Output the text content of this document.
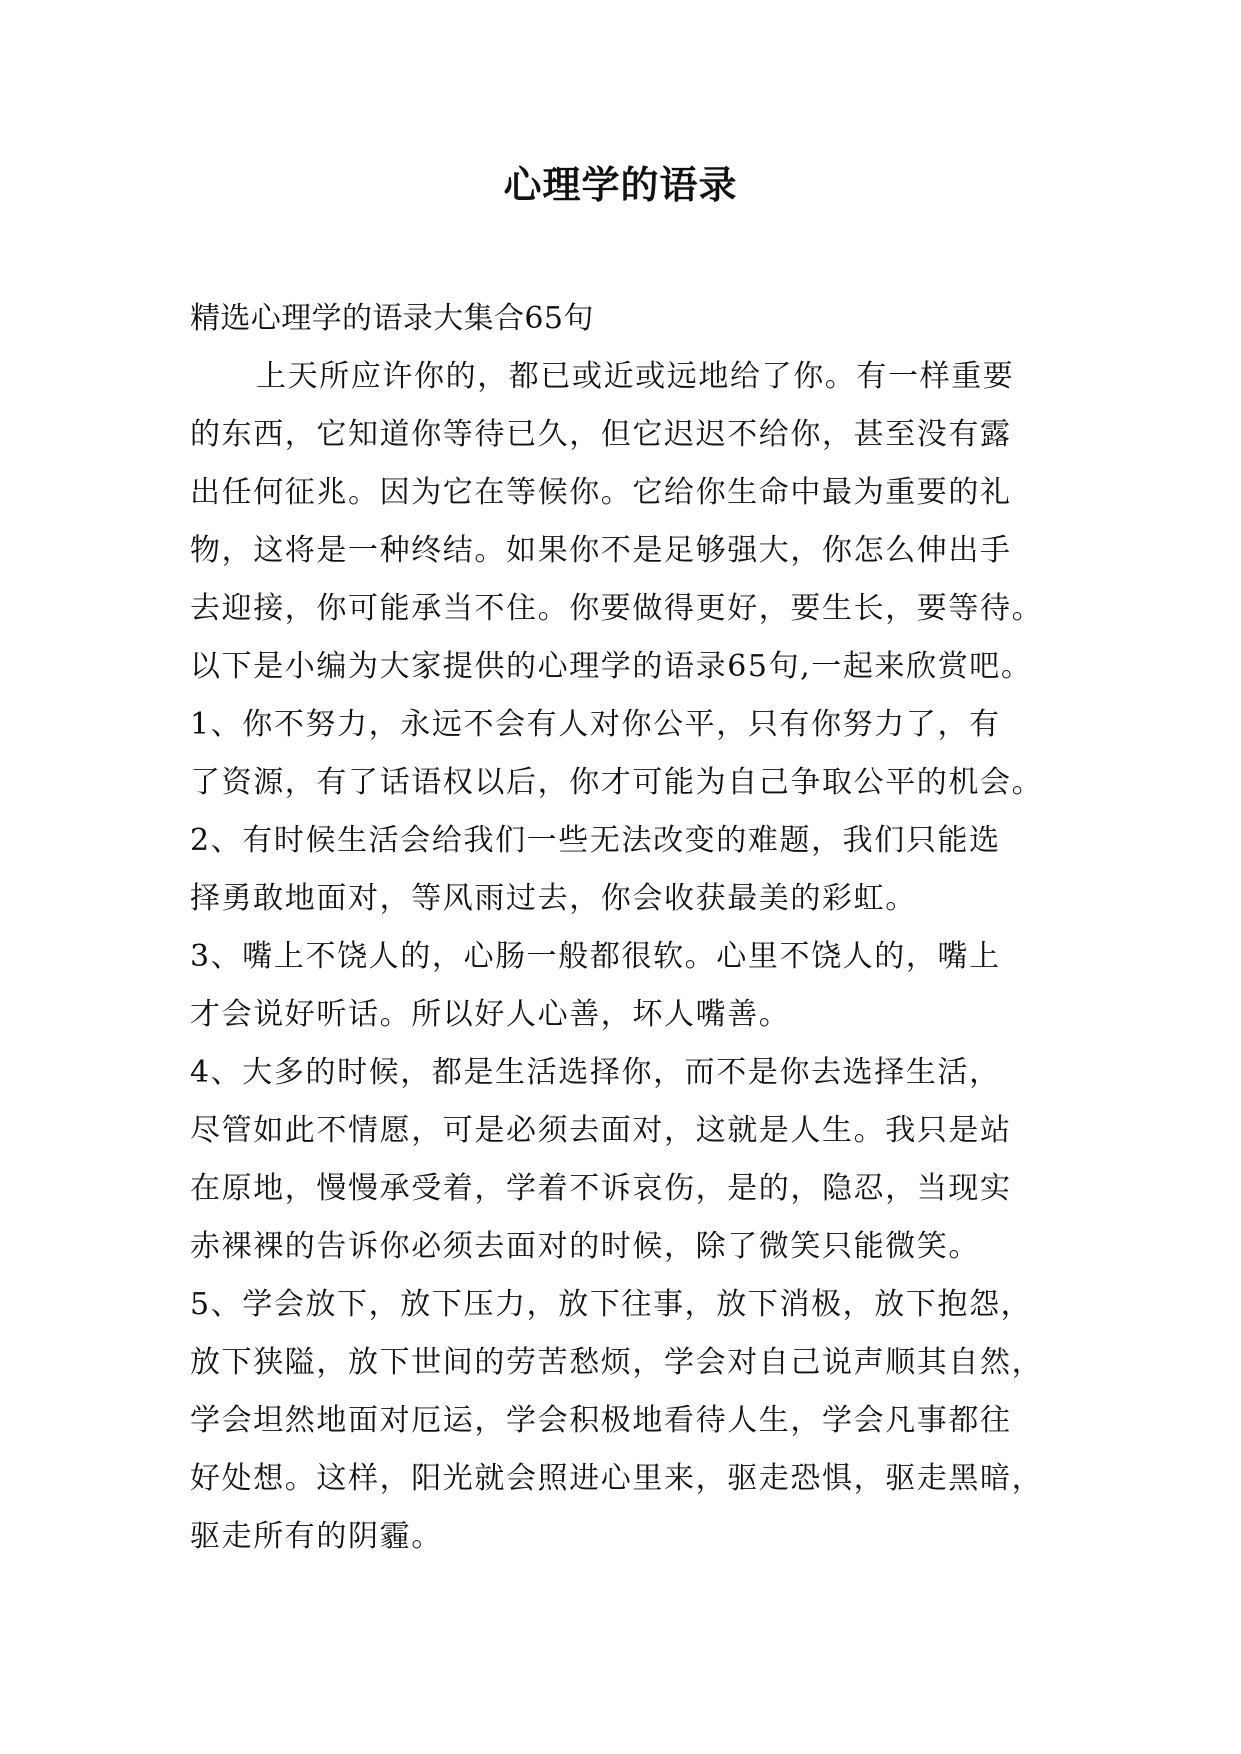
心理学的语录
精选心理学的语录大集合65句
上天所应许你的，都已或近或远地给了你。有一样重要
的东西，它知道你等待已久，但它迟迟不给你，甚至没有露
出任何征兆。因为它在等候你。它给你生命中最为重要的礼
物，这将是一种终结。如果你不是足够强大，你怎么伸出手
去迎接，你可能承当不住。你要做得更好，要生长，要等待。
以下是小编为大家提供的心理学的语录65句,一起来欣赏吧。
1、你不努力，永远不会有人对你公平，只有你努力了，有
了资源，有了话语权以后，你才可能为自己争取公平的机会。
2、有时候生活会给我们一些无法改变的难题，我们只能选
择勇敢地面对，等风雨过去，你会收获最美的彩虹。
3、嘴上不饶人的，心肠一般都很软。心里不饶人的，嘴上
才会说好听话。所以好人心善，坏人嘴善。
4、大多的时候，都是生活选择你，而不是你去选择生活，
尽管如此不情愿，可是必须去面对，这就是人生。我只是站
在原地，慢慢承受着，学着不诉哀伤，是的，隐忍，当现实
赤裸裸的告诉你必须去面对的时候，除了微笑只能微笑。
5、学会放下，放下压力，放下往事，放下消极，放下抱怨，
放下狭隘，放下世间的劳苦愁烦，学会对自己说声顺其自然，
学会坦然地面对厄运，学会积极地看待人生，学会凡事都往
好处想。这样，阳光就会照进心里来，驱走恐惧，驱走黑暗，
驱走所有的阴霾。
